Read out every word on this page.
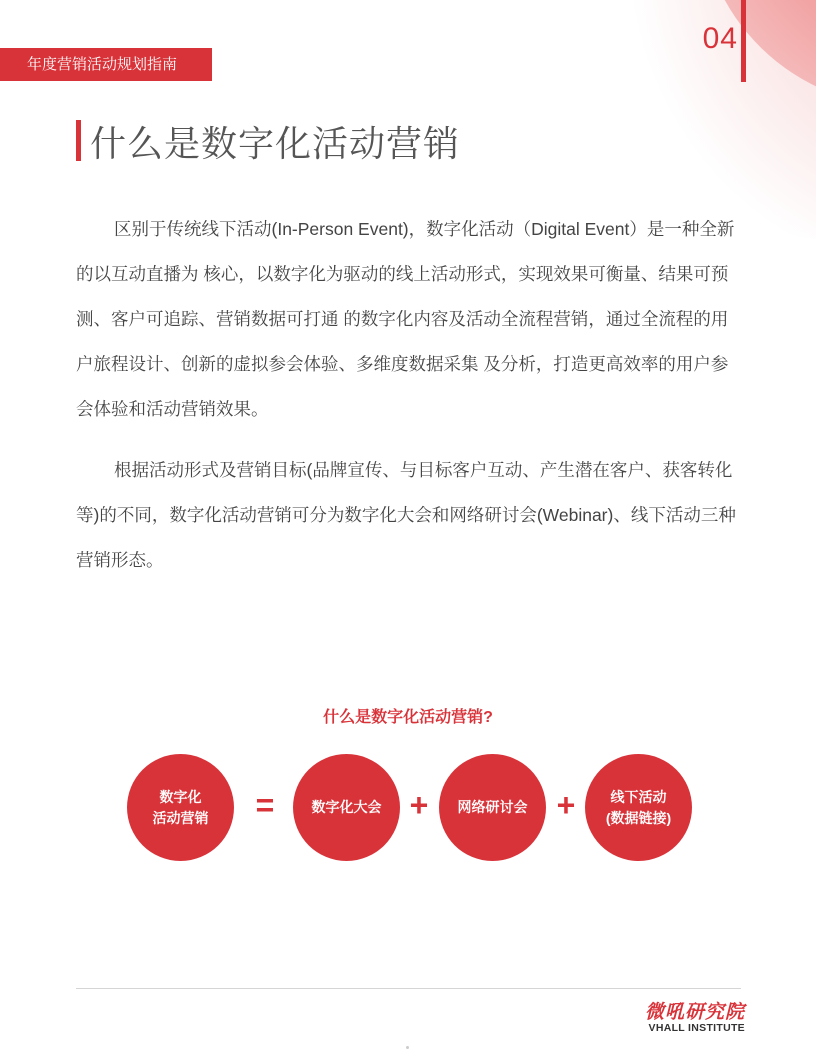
04
年度营销活动规划指南
什么是数字化活动营销

区别于传统线下活动(In-Person Event)，数字化活动（Digital Event）是一种全新的以互动直播为 核心，以数字化为驱动的线上活动形式，实现效果可衡量、结果可预测、客户可追踪、营销数据可打通 的数字化内容及活动全流程营销，通过全流程的用户旅程设计、创新的虚拟参会体验、多维度数据采集 及分析，打造更高效率的用户参会体验和活动营销效果。

根据活动形式及营销目标(品牌宣传、与目标客户互动、产生潜在客户、获客转化等)的不同，数字化活动营销可分为数字化大会和网络研讨会(Webinar)、线下活动三种营销形态。

什么是数字化活动营销?
数字化
活动营销 =	数字化大会 +	网络研讨会 +	线下活动
(数据链接)
微吼研究院
VHALL INSTITUTE
